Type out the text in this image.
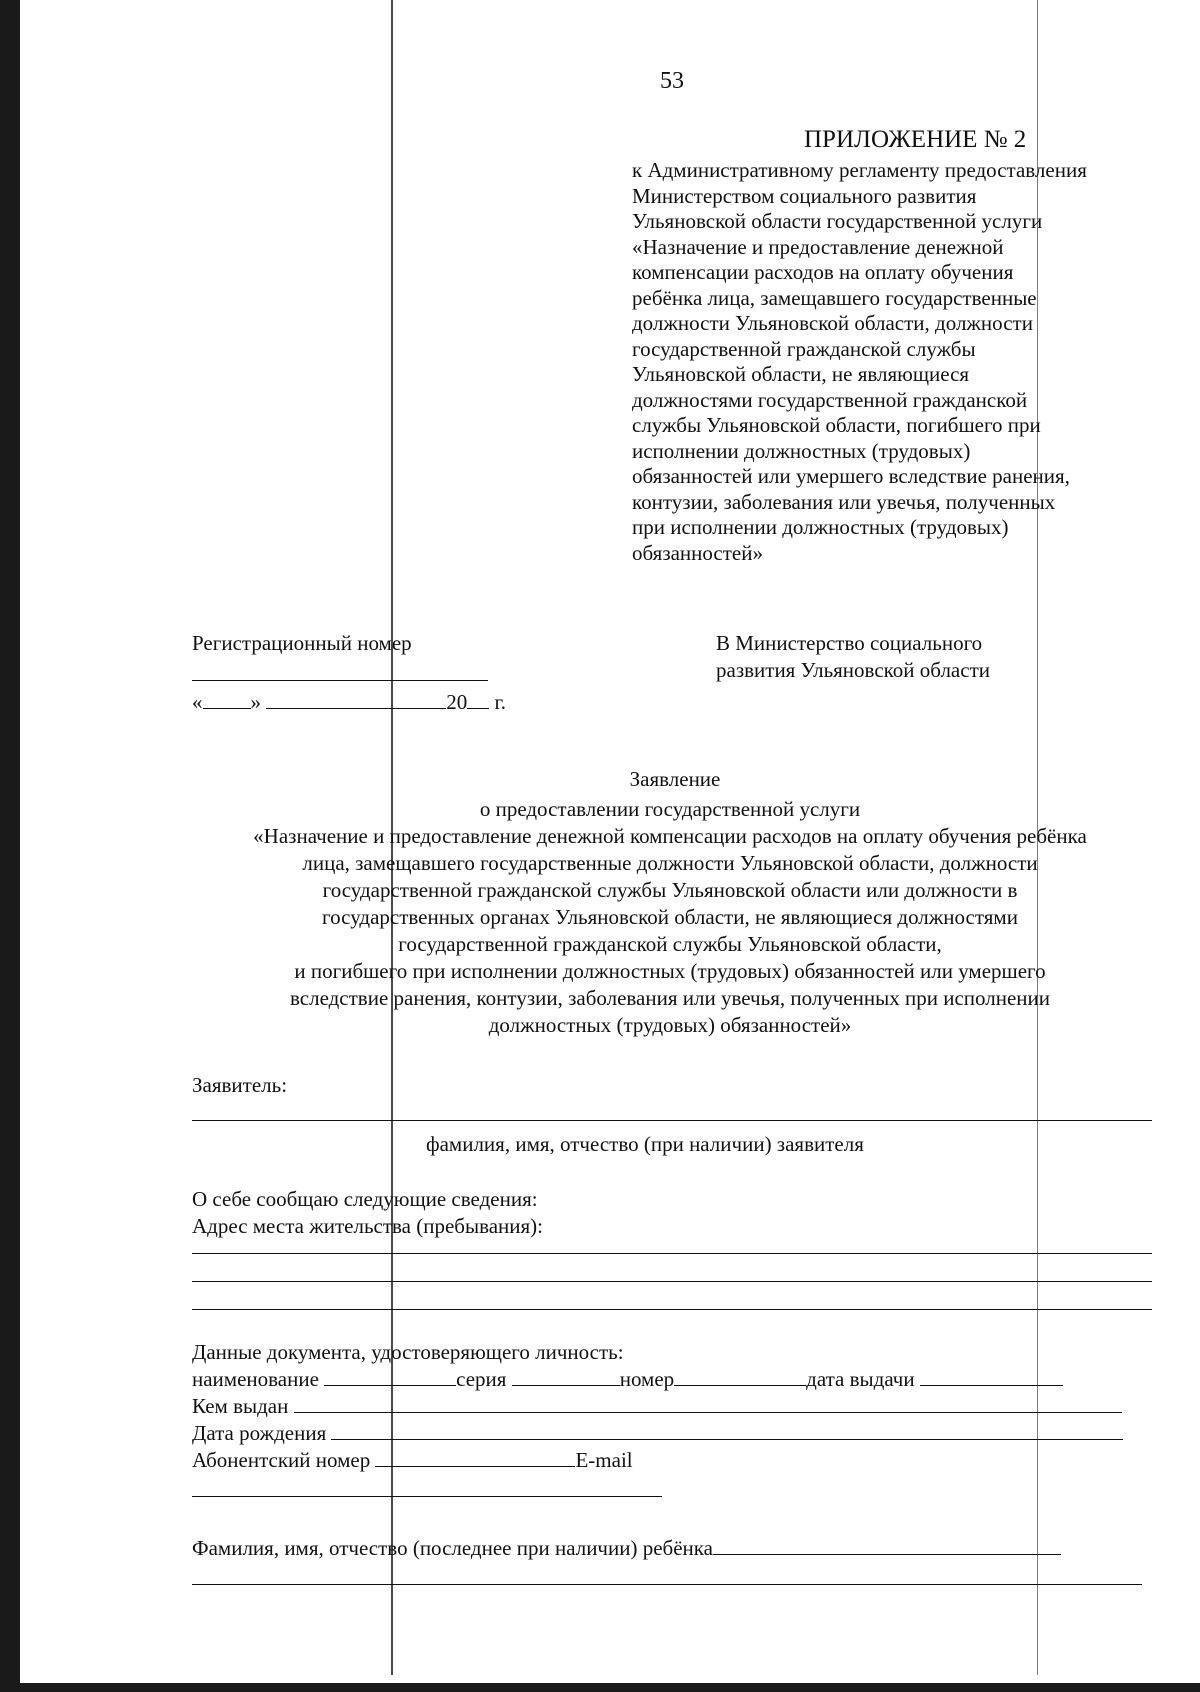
53
ПРИЛОЖЕНИЕ № 2
к Административному регламенту предоставления
Министерством социального развития
Ульяновской области государственной услуги
«Назначение и предоставление денежной
компенсации расходов на оплату обучения
ребёнка лица, замещавшего государственные
должности Ульяновской области, должности
государственной гражданской службы
Ульяновской области, не являющиеся
должностями государственной гражданской
службы Ульяновской области, погибшего при
исполнении должностных (трудовых)
обязанностей или умершего вследствие ранения,
контузии, заболевания или увечья, полученных
при исполнении должностных (трудовых)
обязанностей»
Регистрационный номер
« »	20 г.
В Министерство социального
развития Ульяновской области
Заявление
о предоставлении государственной услуги
«Назначение и предоставление денежной компенсации расходов на оплату обучения ребёнка
лица, замещавшего государственные должности Ульяновской области, должности
государственной гражданской службы Ульяновской области или должности в
государственных органах Ульяновской области, не являющиеся должностями
государственной гражданской службы Ульяновской области,
и погибшего при исполнении должностных (трудовых) обязанностей или умершего
вследствие ранения, контузии, заболевания или увечья, полученных при исполнении
должностных (трудовых) обязанностей»
Заявитель:
фамилия, имя, отчество (при наличии) заявителя
О себе сообщаю следующие сведения:
Адрес места жительства (пребывания):
Данные документа, удостоверяющего личность:
наименование	серия	номер	дата выдачи
Кем выдан
Дата рождения
Абонентский номер	E-mail
Фамилия, имя, отчество (последнее при наличии) ребёнка
